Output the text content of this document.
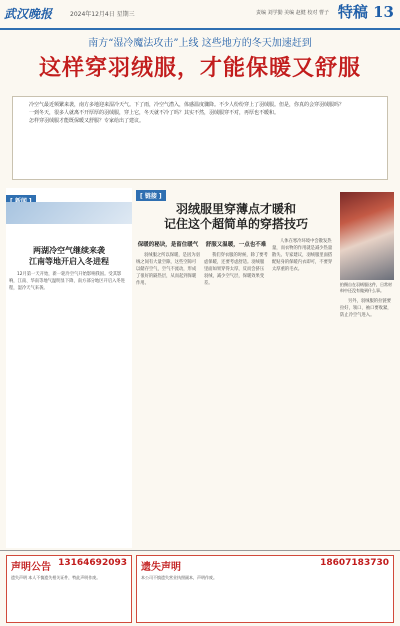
武汉晚报	2024年12月4日 星期三	责编 刘学勤 美编 赵健 校对 曹子 特稿 13
南方“湿冷魔法攻击”上线 这些地方的冬天加速赶到
这样穿羽绒服，才能保暖又舒服

冷空气最近频繁来袭，南方多地迎来湿冷天气。下了雨，冷空气潜入，体感温度骤降。不少人纷纷穿上了羽绒服。但是，你真的会穿羽绒服吗？

一到冬天，很多人就离不开厚厚的羽绒服，穿上它，冬天就不冷了吗？其实不然，羽绒服穿不对，再厚也不暖和。

怎样穿羽绒服才能既保暖又舒服？专家给出了建议。

两湖冷空气继续来袭
江南等地开启入冬进程
12月第一天开始，新一轮冷空气开始影响我国。受其影响，江南、华南等地气温明显下降，南方部分地区开启入冬进程，湿冷天气来袭。
[ 链接 ]
羽绒服里穿薄点才暖和
记住这个超简单的穿搭技巧
拍摄自在羽绒服这件，日常材料中还没有做到什么事。
保暖的秘诀，是留住暖气
羽绒服之所以保暖，是因为羽绒之间有大量空隙，这些空隙可以储存空气，空气不流动，形成了很好的隔热层，从而起到保暖作用。
舒服又温暖，一点也不难
我们穿衣服的时候，除了要考虑保暖，还要考虑舒适。羽绒服里面如果穿得太厚，反而会挤压羽绒，减少空气层，保暖效果变差。
人体在寒冷环境中会散发热量，而衣物的作用就是减少热量散失。专家建议，羽绒服里面搭配贴身的保暖内衣即可，不要穿太厚重的毛衣。
另外，羽绒服的拉链要拉好，领口、袖口要收紧，防止冷空气进入。
声明公告 13164692093
遗失声明 本人不慎遗失相关证件，特此声明作废。
遗失声明	18607183730
本公司不慎遗失营业执照副本，声明作废。
